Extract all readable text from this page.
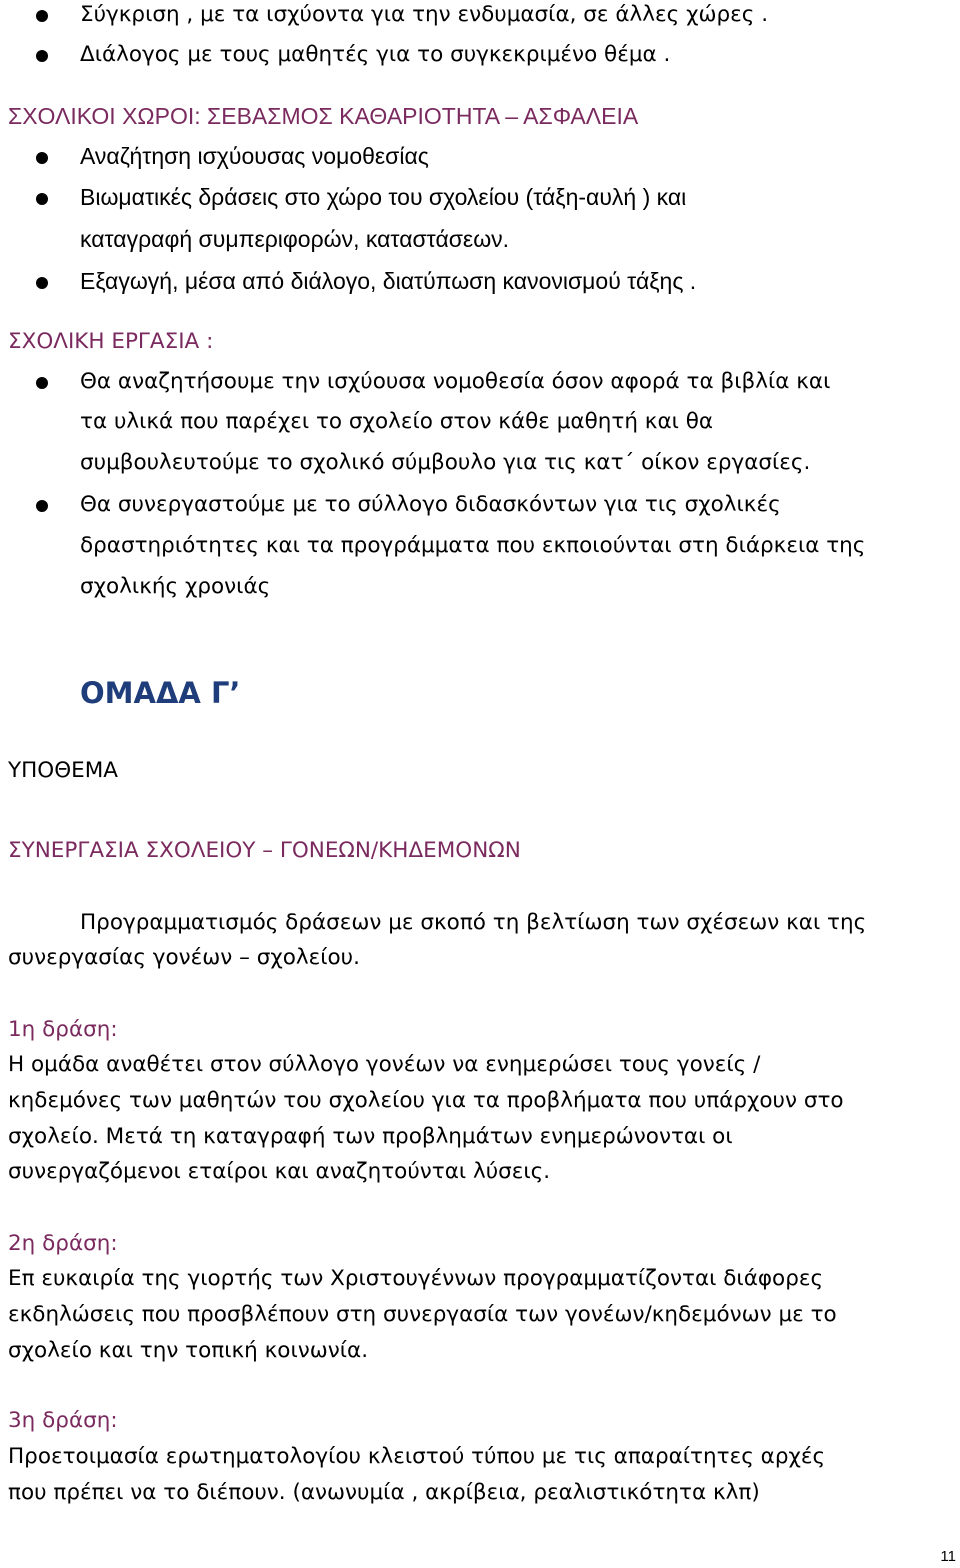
Σύγκριση , με τα ισχύοντα για την ενδυμασία, σε άλλες χώρες .
Διάλογος με τους μαθητές για το συγκεκριμένο θέμα .
ΣΧΟΛΙΚΟΙ ΧΩΡΟΙ: ΣΕΒΑΣΜΟΣ ΚΑΘΑΡΙΟΤΗΤΑ – ΑΣΦΑΛΕΙΑ
Αναζήτηση ισχύουσας νομοθεσίας
Βιωματικές δράσεις στο χώρο του σχολείου (τάξη-αυλή ) και
καταγραφή συμπεριφορών, καταστάσεων.
Εξαγωγή, μέσα από διάλογο, διατύπωση κανονισμού τάξης .
ΣΧΟΛΙΚΗ ΕΡΓΑΣΙΑ :
Θα αναζητήσουμε την ισχύουσα νομοθεσία όσον αφορά τα βιβλία και
τα υλικά που παρέχει το σχολείο στον κάθε μαθητή και θα
συμβουλευτούμε το σχολικό σύμβουλο για τις κατ΄ οίκον εργασίες.
Θα συνεργαστούμε με το σύλλογο διδασκόντων για τις σχολικές
δραστηριότητες και τα προγράμματα που εκποιούνται στη διάρκεια της
σχολικής χρονιάς
ΟΜΑΔΑ Γ’
ΥΠΟΘΕΜΑ
ΣΥΝΕΡΓΑΣΙΑ ΣΧΟΛΕΙΟΥ – ΓΟΝΕΩΝ/ΚΗΔΕΜΟΝΩΝ
Προγραμματισμός δράσεων με σκοπό τη βελτίωση των σχέσεων και της
συνεργασίας γονέων – σχολείου.
1η δράση:
Η ομάδα αναθέτει στον σύλλογο γονέων να ενημερώσει τους γονείς /
κηδεμόνες των μαθητών του σχολείου για τα προβλήματα που υπάρχουν στο
σχολείο. Μετά τη καταγραφή των προβλημάτων ενημερώνονται οι
συνεργαζόμενοι εταίροι και αναζητούνται λύσεις.
2η δράση:
Επ ευκαιρία της γιορτής των Χριστουγέννων προγραμματίζονται διάφορες
εκδηλώσεις που προσβλέπουν στη συνεργασία των γονέων/κηδεμόνων με το
σχολείο και την τοπική κοινωνία.
3η δράση:
Προετοιμασία ερωτηματολογίου κλειστού τύπου με τις απαραίτητες αρχές
που πρέπει να το διέπουν. (ανωνυμία , ακρίβεια, ρεαλιστικότητα κλπ)
11
